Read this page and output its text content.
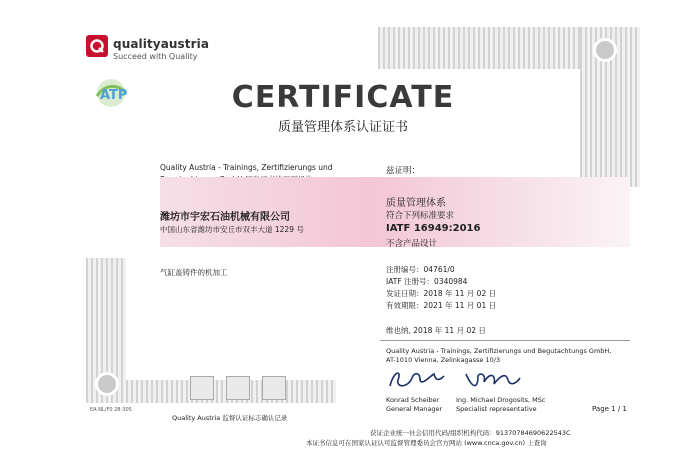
qualityaustria
Succeed with Quality
ATP	CERTIFICATE
质量管理体系认证证书
Quality Austria - Trainings, Zertifizierungs und	兹证明：
潍坊市宇宏石油机械有限公司
中国山东省潍坊市安丘市双丰大道 1229 号
质量管理体系
符合下列标准要求
IATF 16949:2016
不含产品设计
气缸盖铸件的机加工	注册编号：04761/0
IATF 注册号：0340984
发证日期：2018 年 11 月 02 日
有效期限：2021 年 11 月 01 日
维也纳, 2018 年 11 月 02 日
Quality Austria - Trainings, Zertifizierungs und Begutachtungs GmbH,
AT-1010 Vienna, Zelinkagasse 10/3
Konrad Scheiber
General Manager
Ing. Michael Drogosits, MSc
Specialist representative	Page 1 / 1
Quality Austria 监督认证标志确认记录
EA-NL/F0 28-305
获证企业统一社会信用代码/组织机构代码：91370784690622543C
本证书信息可在国家认证认可监督管理委员会官方网站 (www.cnca.gov.cn) 上查询
